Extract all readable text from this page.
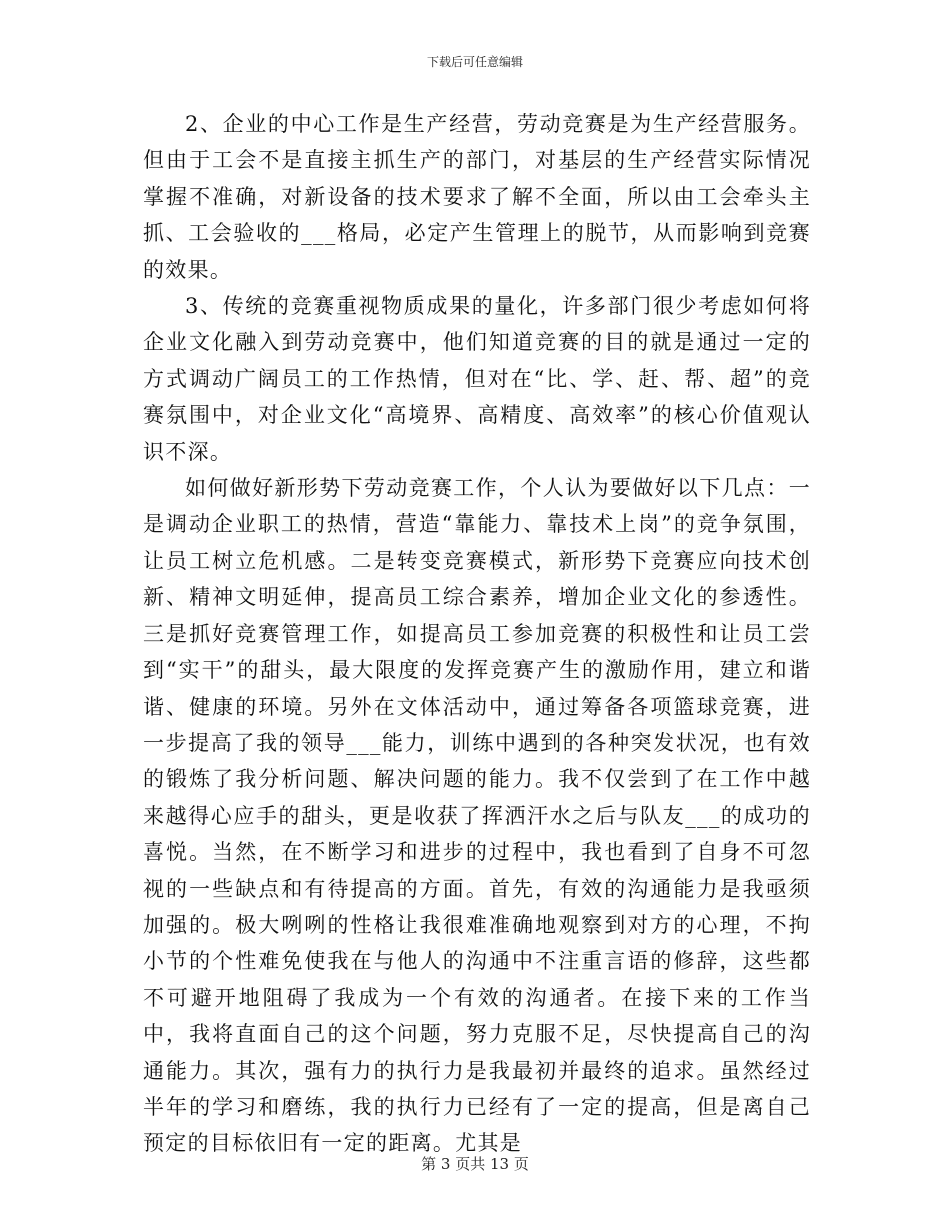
下载后可任意编辑

2、企业的中心工作是生产经营，劳动竞赛是为生产经营服务。但由于工会不是直接主抓生产的部门，对基层的生产经营实际情况掌握不准确，对新设备的技术要求了解不全面，所以由工会牵头主抓、工会验收的___格局，必定产生管理上的脱节，从而影响到竞赛的效果。

3、传统的竞赛重视物质成果的量化，许多部门很少考虑如何将企业文化融入到劳动竞赛中，他们知道竞赛的目的就是通过一定的方式调动广阔员工的工作热情，但对在“比、学、赶、帮、超”的竞赛氛围中，对企业文化“高境界、高精度、高效率”的核心价值观认识不深。

如何做好新形势下劳动竞赛工作，个人认为要做好以下几点：一是调动企业职工的热情，营造“靠能力、靠技术上岗”的竞争氛围，让员工树立危机感。二是转变竞赛模式，新形势下竞赛应向技术创新、精神文明延伸，提高员工综合素养，增加企业文化的参透性。三是抓好竞赛管理工作，如提高员工参加竞赛的积极性和让员工尝到“实干”的甜头，最大限度的发挥竞赛产生的激励作用，建立和谐谐、健康的环境。另外在文体活动中，通过筹备各项篮球竞赛，进一步提高了我的领导___能力，训练中遇到的各种突发状况，也有效的锻炼了我分析问题、解决问题的能力。我不仅尝到了在工作中越来越得心应手的甜头，更是收获了挥洒汗水之后与队友___的成功的喜悦。当然，在不断学习和进步的过程中，我也看到了自身不可忽视的一些缺点和有待提高的方面。首先，有效的沟通能力是我亟须加强的。极大咧咧的性格让我很难准确地观察到对方的心理，不拘小节的个性难免使我在与他人的沟通中不注重言语的修辞，这些都不可避开地阻碍了我成为一个有效的沟通者。在接下来的工作当中，我将直面自己的这个问题，努力克服不足，尽快提高自己的沟通能力。其次，强有力的执行力是我最初并最终的追求。虽然经过半年的学习和磨练，我的执行力已经有了一定的提高，但是离自己预定的目标依旧有一定的距离。尤其是

第 3 页共 13 页
